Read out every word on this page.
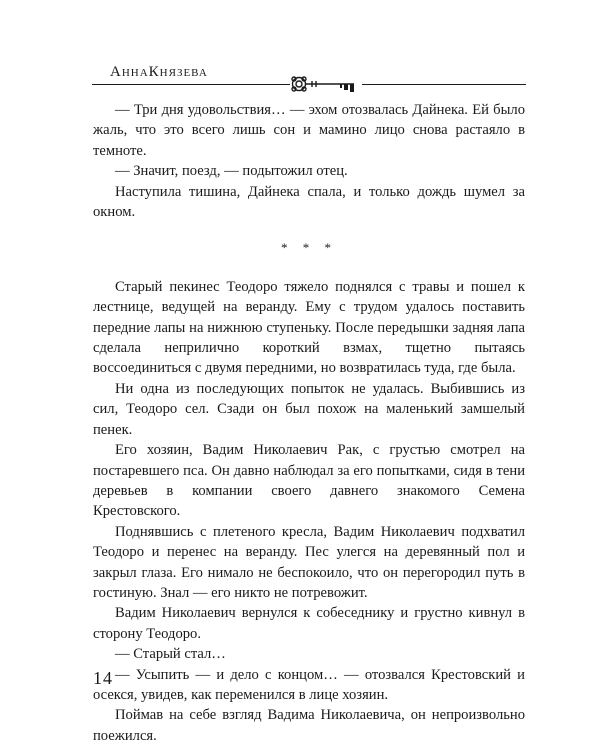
АннаКнязева

— Три дня удовольствия… — эхом отозвалась Дайнека. Ей было жаль, что это всего лишь сон и мамино лицо снова растаяло в темноте.

— Значит, поезд, — подытожил отец.

Наступила тишина, Дайнека спала, и только дождь шумел за окном.

* * *

Старый пекинес Теодоро тяжело поднялся с травы и пошел к лестнице, ведущей на веранду. Ему с трудом удалось поставить передние лапы на нижнюю ступеньку. После передышки задняя лапа сделала неприлично короткий взмах, тщетно пытаясь воссоединиться с двумя передними, но возвратилась туда, где была.

Ни одна из последующих попыток не удалась. Выбившись из сил, Теодоро сел. Сзади он был похож на маленький замшелый пенек.

Его хозяин, Вадим Николаевич Рак, с грустью смотрел на постаревшего пса. Он давно наблюдал за его попытками, сидя в тени деревьев в компании своего давнего знакомого Семена Крестовского.

Поднявшись с плетеного кресла, Вадим Николаевич подхватил Теодоро и перенес на веранду. Пес улегся на деревянный пол и закрыл глаза. Его нимало не беспокоило, что он перегородил путь в гостиную. Знал — его никто не потревожит.

Вадим Николаевич вернулся к собеседнику и грустно кивнул в сторону Теодоро.

— Старый стал…

— Усыпить — и дело с концом… — отозвался Крестовский и осекся, увидев, как переменился в лице хозяин.

Поймав на себе взгляд Вадима Николаевича, он непроизвольно поежился.

14
